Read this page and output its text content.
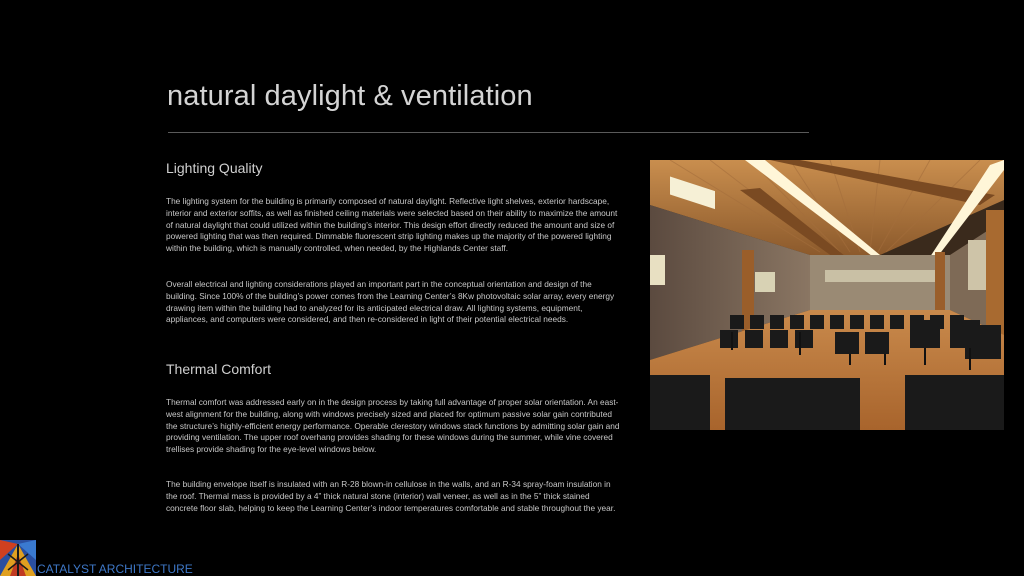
natural daylight & ventilation
Lighting Quality
The lighting system for the building is primarily composed of natural daylight. Reflective light shelves, exterior hardscape, interior and exterior soffits, as well as finished ceiling materials were selected based on their ability to maximize the amount of natural daylight that could utilized within the building’s interior. This design effort directly reduced the amount and size of powered lighting that was then required. Dimmable fluorescent strip lighting makes up the majority of the powered lighting within the building, which is manually controlled, when needed, by the Highlands Center staff.
Overall electrical and lighting considerations played an important part in the conceptual orientation and design of the building. Since 100% of the building’s power comes from the Learning Center’s 8Kw photovoltaic solar array, every energy drawing item within the building had to analyzed for its anticipated electrical draw. All lighting systems, equipment, appliances, and computers were considered, and then re-considered in light of their potential electrical needs.
Thermal Comfort
Thermal comfort was addressed early on in the design process by taking full advantage of proper solar orientation. An east-west alignment for the building, along with windows precisely sized and placed for optimum passive solar gain contributed the structure’s highly-efficient energy performance. Operable clerestory windows stack functions by admitting solar gain and providing ventilation. The upper roof overhang provides shading for these windows during the summer, while vine covered trellises provide shading for the eye-level windows below.
The building envelope itself is insulated with an R-28 blown-in cellulose in the walls, and an R-34 spray-foam insulation in the roof. Thermal mass is provided by a 4” thick natural stone (interior) wall veneer, as well as in the 5” thick stained concrete floor slab, helping to keep the Learning Center’s indoor temperatures comfortable and stable throughout the year.
CATALYST ARCHITECTURE
